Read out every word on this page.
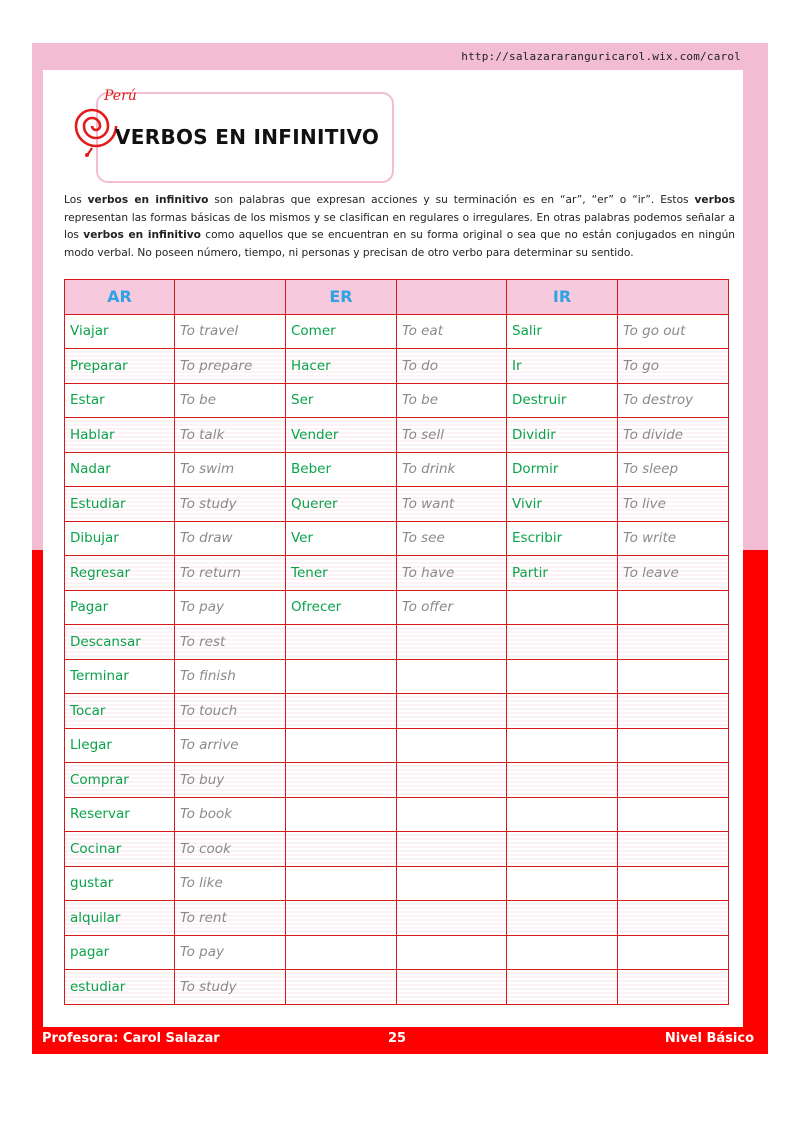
http://salazararanguricarol.wix.com/carol
Perú
VERBOS EN INFINITIVO
Los verbos en infinitivo son palabras que expresan acciones y su terminación es en “ar”, “er” o “ir”. Estos verbos representan las formas básicas de los mismos y se clasifican en regulares o irregulares. En otras palabras podemos señalar a los verbos en infinitivo como aquellos que se encuentran en su forma original o sea que no están conjugados en ningún modo verbal. No poseen número, tiempo, ni personas y precisan de otro verbo para determinar su sentido.
AR		ER		IR	
Viajar	To travel	Comer	To eat	Salir	To go out
Preparar	To prepare	Hacer	To do	Ir	To go
Estar	To be	Ser	To be	Destruir	To destroy
Hablar	To talk	Vender	To sell	Dividir	To divide
Nadar	To swim	Beber	To drink	Dormir	To sleep
Estudiar	To study	Querer	To want	Vivir	To live
Dibujar	To draw	Ver	To see	Escribir	To write
Regresar	To return	Tener	To have	Partir	To leave
Pagar	To pay	Ofrecer	To offer		
Descansar	To rest				
Terminar	To finish				
Tocar	To touch				
Llegar	To arrive				
Comprar	To buy				
Reservar	To book				
Cocinar	To cook				
gustar	To like				
alquilar	To rent				
pagar	To pay				
estudiar	To study				
Profesora: Carol Salazar	25	Nivel Básico
